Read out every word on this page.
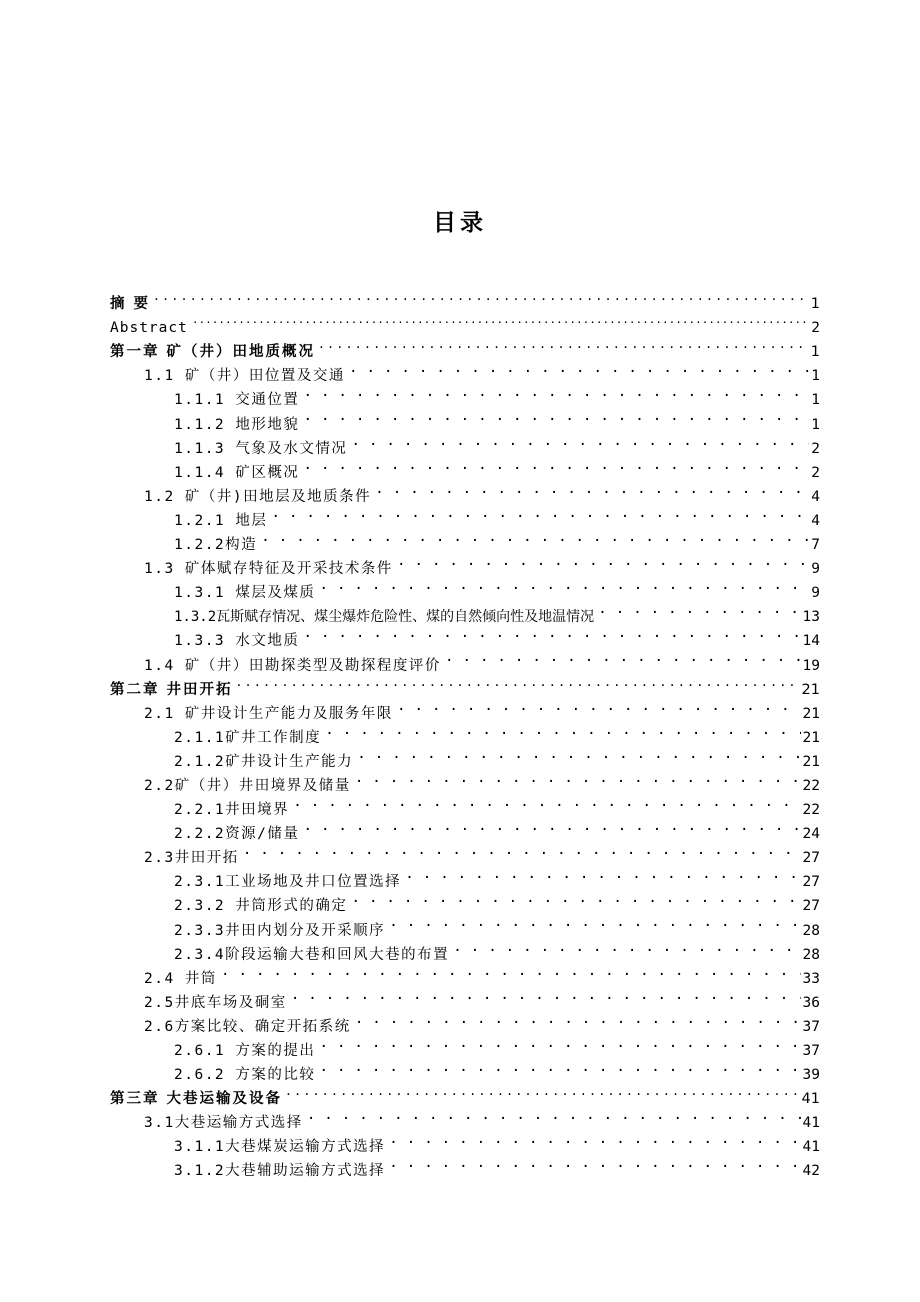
目录
摘 要 . . .	1
Abstract .....	2
第一章 矿（井）田地质概况 . . .	1
1.1 矿（井）田位置及交通 . . .	1
1.1.1 交通位置 . . .	1
1.1.2 地形地貌 . . .	1
1.1.3 气象及水文情况 . . .	2
1.1.4 矿区概况 . . .	2
1.2 矿（井)田地层及地质条件 . . .	4
1.2.1 地层 . . .	4
1.2.2构造 . . .	7
1.3 矿体赋存特征及开采技术条件 . . .	9
1.3.1 煤层及煤质 . . .	9
1.3.2瓦斯赋存情况、煤尘爆炸危险性、煤的自然倾向性及地温情况 . . .	13
1.3.3 水文地质 . . .	14
1.4 矿（井）田勘探类型及勘探程度评价 . . .	19
第二章 井田开拓 . . .	21
2.1 矿井设计生产能力及服务年限 . . .	21
2.1.1矿井工作制度 . . .	21
2.1.2矿井设计生产能力 . . .	21
2.2矿（井）井田境界及储量 . . .	22
2.2.1井田境界 . . .	22
2.2.2资源/储量 . . .	24
2.3井田开拓 . . .	27
2.3.1工业场地及井口位置选择 . . .	27
2.3.2 井筒形式的确定 . . .	27
2.3.3井田内划分及开采顺序 . . .	28
2.3.4阶段运输大巷和回风大巷的布置 . . .	28
2.4 井筒 . . .	33
2.5井底车场及硐室 . . .	36
2.6方案比较、确定开拓系统 . . .	37
2.6.1 方案的提出 . . .	37
2.6.2 方案的比较 . . .	39
第三章 大巷运输及设备 . . .	41
3.1大巷运输方式选择 . . .	41
3.1.1大巷煤炭运输方式选择 . . .	41
3.1.2大巷辅助运输方式选择 . . .	42
